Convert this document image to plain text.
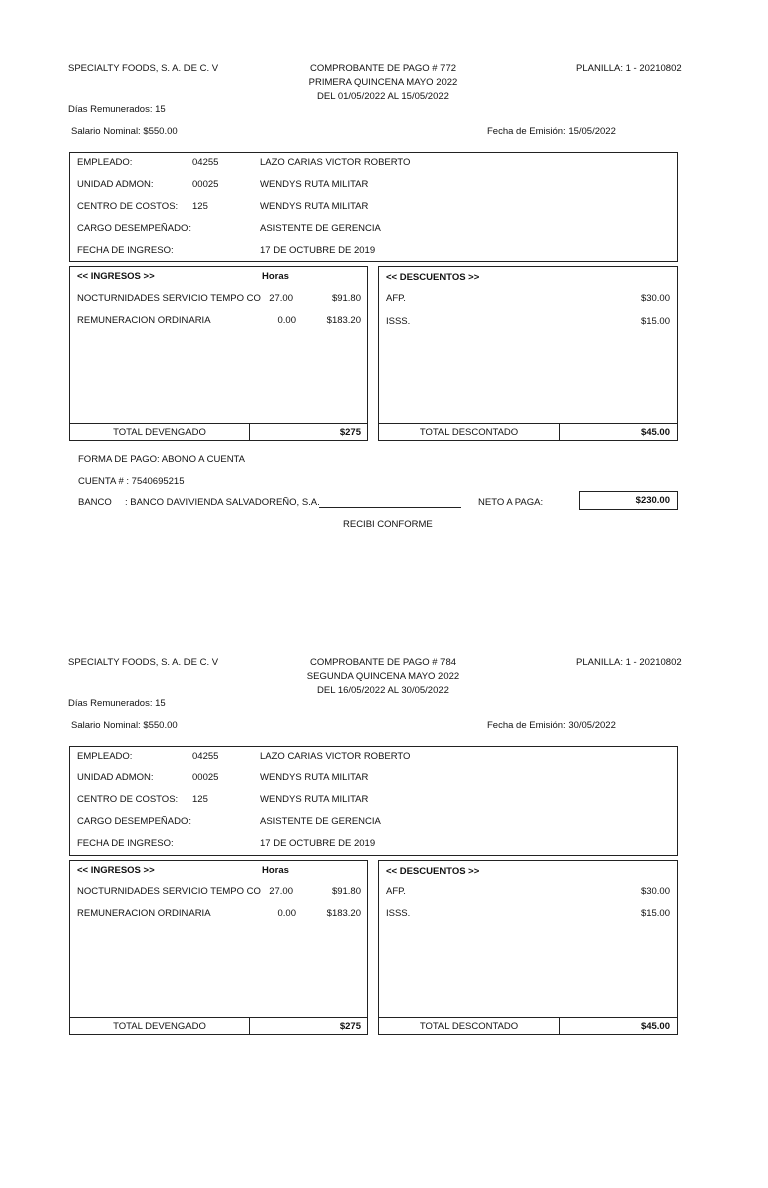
SPECIALTY FOODS, S. A. DE C. V	COMPROBANTE DE PAGO # 772
PRIMERA QUINCENA MAYO 2022
DEL 01/05/2022 AL 15/05/2022
PLANILLA: 1 - 20210802
Días Remunerados: 15
Salario Nominal: $550.00	Fecha de Emisión: 15/05/2022
EMPLEADO:	04255	LAZO CARIAS VICTOR ROBERTO
UNIDAD ADMON:	00025	WENDYS RUTA MILITAR
CENTRO DE COSTOS: 125	WENDYS RUTA MILITAR
CARGO DESEMPEÑADO:	ASISTENTE DE GERENCIA
FECHA DE INGRESO:	17 DE OCTUBRE DE 2019
<< INGRESOS >>	Horas
NOCTURNIDADES SERVICIO TEMPO CO 27.00	$91.80
REMUNERACION ORDINARIA	0.00	$183.20
TOTAL DEVENGADO	$275
<< DESCUENTOS >>
AFP.	$30.00
ISSS.	$15.00
TOTAL DESCONTADO	$45.00
FORMA DE PAGO: ABONO A CUENTA
CUENTA # : 7540695215
BANCO     : BANCO DAVIVIENDA SALVADOREÑO, S.A.	NETO A PAGA:	$230.00
RECIBI CONFORME
SPECIALTY FOODS, S. A. DE C. V	COMPROBANTE DE PAGO # 784
SEGUNDA QUINCENA MAYO 2022
DEL 16/05/2022 AL 30/05/2022
PLANILLA: 1 - 20210802
Días Remunerados: 15
Salario Nominal: $550.00	Fecha de Emisión: 30/05/2022
EMPLEADO:	04255	LAZO CARIAS VICTOR ROBERTO
UNIDAD ADMON:	00025	WENDYS RUTA MILITAR
CENTRO DE COSTOS: 125	WENDYS RUTA MILITAR
CARGO DESEMPEÑADO:	ASISTENTE DE GERENCIA
FECHA DE INGRESO:	17 DE OCTUBRE DE 2019
<< INGRESOS >>	Horas
NOCTURNIDADES SERVICIO TEMPO CO 27.00	$91.80
REMUNERACION ORDINARIA	0.00	$183.20
TOTAL DEVENGADO	$275
<< DESCUENTOS >>
AFP.	$30.00
ISSS.	$15.00
TOTAL DESCONTADO	$45.00
